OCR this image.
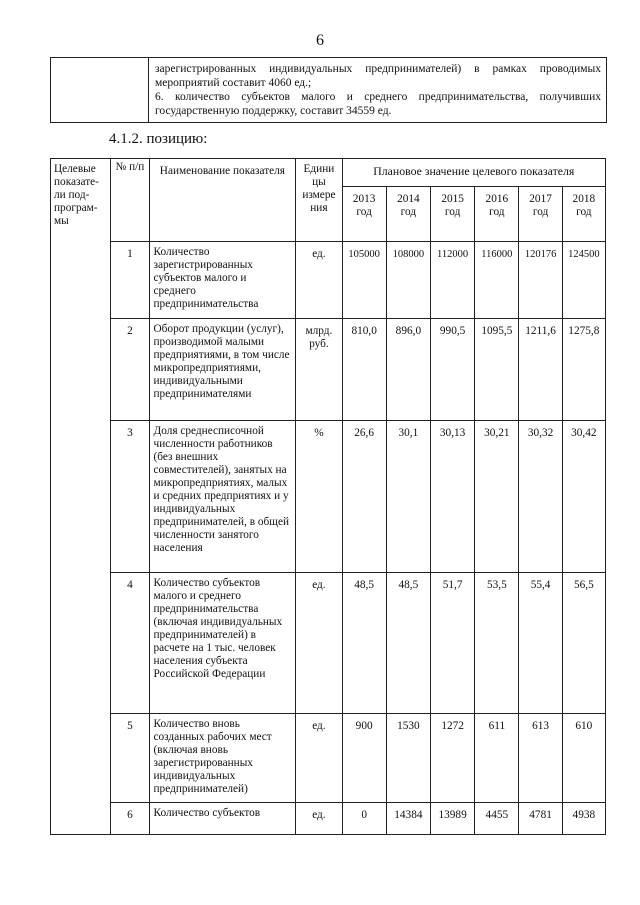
6

зарегистрированных индивидуальных предпринимателей) в рамках проводимых мероприятий составит 4060 ед.;

6. количество субъектов малого и среднего предпринимательства, получивших государственную поддержку, составит 34559 ед.

4.1.2. позицию:
Целевые показате-ли под-програм-мы	№ п/п	Наименование показателя	Едини цы измере ния	Плановое значение целевого показателя					
				2013 год	2014 год	2015 год	2016 год	2017 год	2018 год
	1	Количество зарегистрированных субъектов малого и среднего предпринимательства	ед.	105000	108000	112000	116000	120176	124500
	2	Оборот продукции (услуг), производимой малыми предприятиями, в том числе микропредприятиями, индивидуальными предпринимателями	млрд. руб.	810,0	896,0	990,5	1095,5	1211,6	1275,8
	3	Доля среднесписочной численности работников (без внешних совместителей), занятых на микропредприятиях, малых и средних предприятиях и у индивидуальных предпринимателей, в общей численности занятого населения	%	26,6	30,1	30,13	30,21	30,32	30,42
	4	Количество субъектов малого и среднего предпринимательства (включая индивидуальных предпринимателей) в расчете на 1 тыс. человек населения субъекта Российской Федерации	ед.	48,5	48,5	51,7	53,5	55,4	56,5
	5	Количество вновь созданных рабочих мест (включая вновь зарегистрированных индивидуальных предпринимателей)	ед.	900	1530	1272	611	613	610
	6	Количество субъектов	ед.	0	14384	13989	4455	4781	4938
